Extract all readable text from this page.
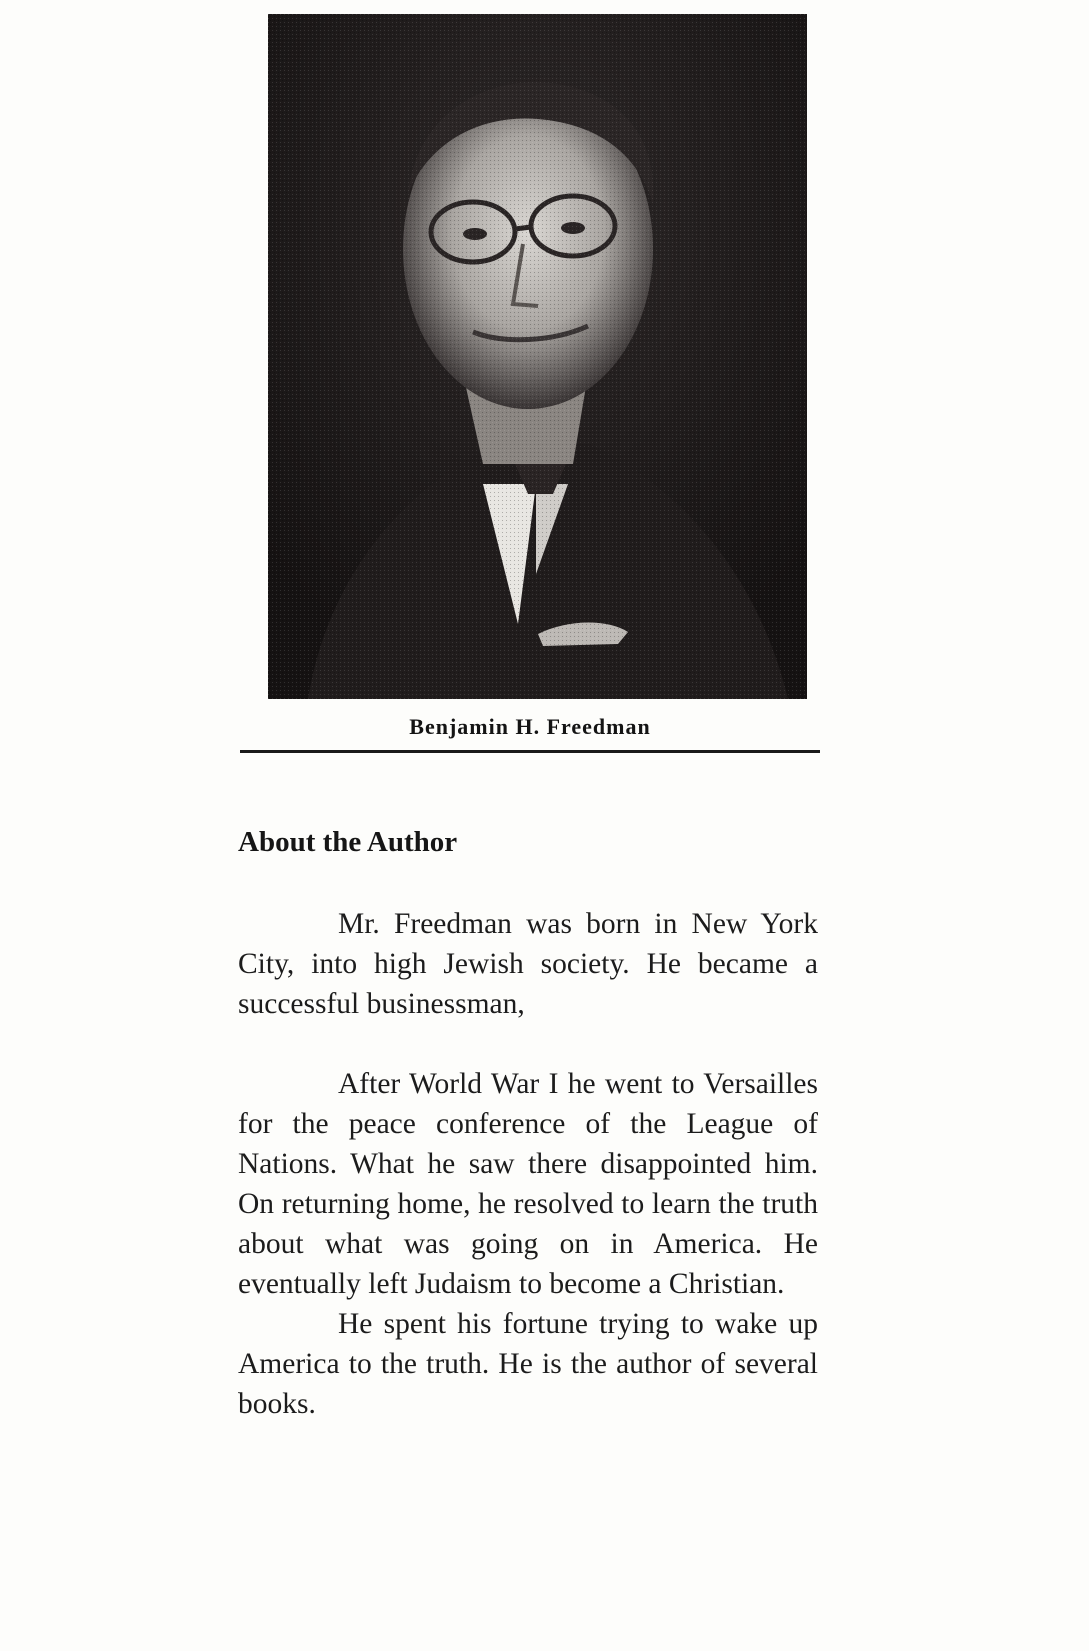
Benjamin H. Freedman
About the Author

Mr. Freedman was born in New York City, into high Jewish society. He became a successful businessman,

After World War I he went to Versailles for the peace conference of the League of Nations. What he saw there disappointed him. On returning home, he resolved to learn the truth about what was going on in America. He eventually left Judaism to become a Christian.

He spent his fortune trying to wake up America to the truth. He is the author of several books.
